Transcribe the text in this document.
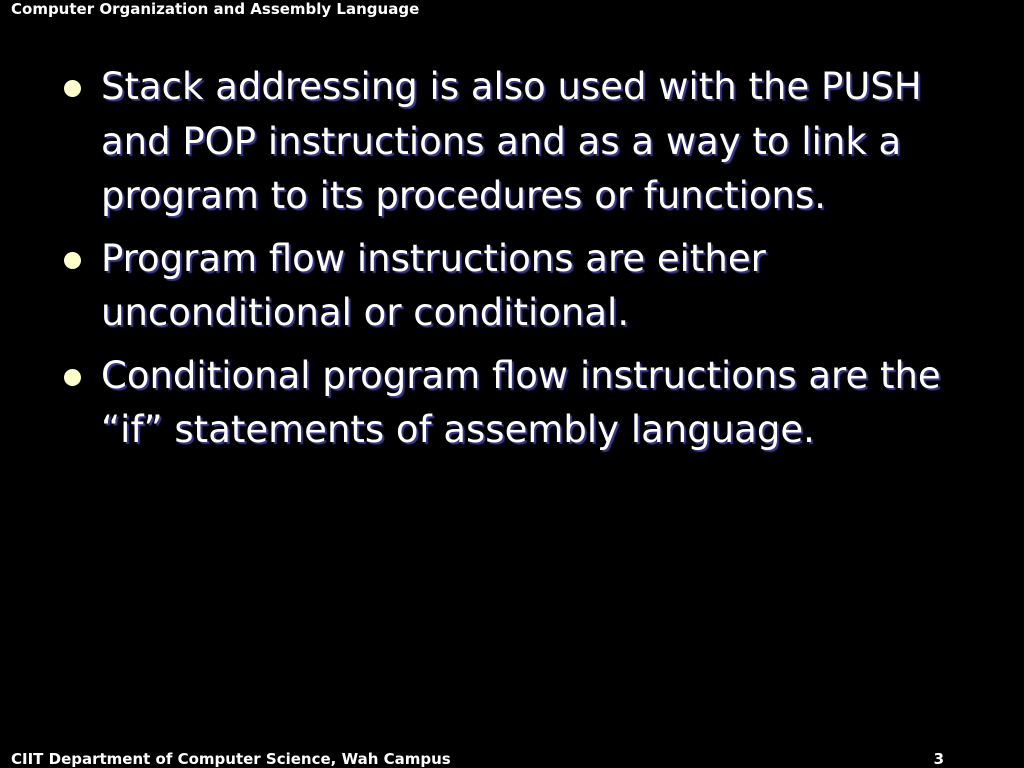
Computer Organization and Assembly Language
Stack addressing is also used with the PUSH and POP instructions and as a way to link a program to its procedures or functions.
Program flow instructions are either unconditional or conditional.
Conditional program flow instructions are the “if” statements of assembly language.
CIIT Department of Computer Science, Wah Campus	3
